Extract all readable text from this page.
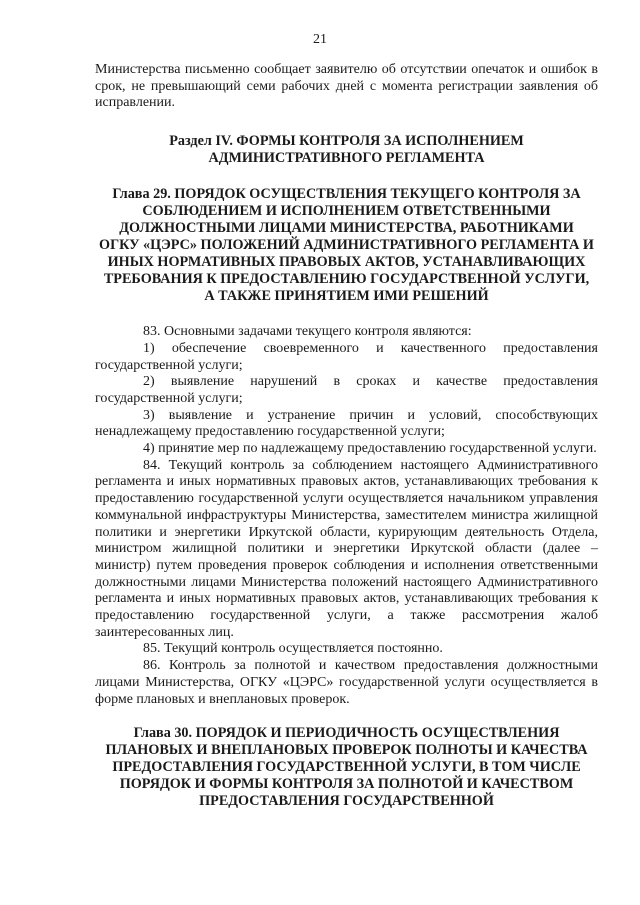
21

Министерства письменно сообщает заявителю об отсутствии опечаток и ошибок в срок, не превышающий семи рабочих дней с момента регистрации заявления об исправлении.

Раздел IV. ФОРМЫ КОНТРОЛЯ ЗА ИСПОЛНЕНИЕМ АДМИНИСТРАТИВНОГО РЕГЛАМЕНТА
Глава 29. ПОРЯДОК ОСУЩЕСТВЛЕНИЯ ТЕКУЩЕГО КОНТРОЛЯ ЗА СОБЛЮДЕНИЕМ И ИСПОЛНЕНИЕМ ОТВЕТСТВЕННЫМИ ДОЛЖНОСТНЫМИ ЛИЦАМИ МИНИСТЕРСТВА, РАБОТНИКАМИ ОГКУ «ЦЭРС» ПОЛОЖЕНИЙ АДМИНИСТРАТИВНОГО РЕГЛАМЕНТА И ИНЫХ НОРМАТИВНЫХ ПРАВОВЫХ АКТОВ, УСТАНАВЛИВАЮЩИХ ТРЕБОВАНИЯ К ПРЕДОСТАВЛЕНИЮ ГОСУДАРСТВЕННОЙ УСЛУГИ, А ТАКЖЕ ПРИНЯТИЕМ ИМИ РЕШЕНИЙ

83. Основными задачами текущего контроля являются:

1) обеспечение своевременного и качественного предоставления государственной услуги;

2) выявление нарушений в сроках и качестве предоставления государственной услуги;

3) выявление и устранение причин и условий, способствующих ненадлежащему предоставлению государственной услуги;

4) принятие мер по надлежащему предоставлению государственной услуги.

84. Текущий контроль за соблюдением настоящего Административного регламента и иных нормативных правовых актов, устанавливающих требования к предоставлению государственной услуги осуществляется начальником управления коммунальной инфраструктуры Министерства, заместителем министра жилищной политики и энергетики Иркутской области, курирующим деятельность Отдела, министром жилищной политики и энергетики Иркутской области (далее – министр) путем проведения проверок соблюдения и исполнения ответственными должностными лицами Министерства положений настоящего Административного регламента и иных нормативных правовых актов, устанавливающих требования к предоставлению государственной услуги, а также рассмотрения жалоб заинтересованных лиц.

85. Текущий контроль осуществляется постоянно.

86. Контроль за полнотой и качеством предоставления должностными лицами Министерства, ОГКУ «ЦЭРС» государственной услуги осуществляется в форме плановых и внеплановых проверок.

Глава 30. ПОРЯДОК И ПЕРИОДИЧНОСТЬ ОСУЩЕСТВЛЕНИЯ ПЛАНОВЫХ И ВНЕПЛАНОВЫХ ПРОВЕРОК ПОЛНОТЫ И КАЧЕСТВА ПРЕДОСТАВЛЕНИЯ ГОСУДАРСТВЕННОЙ УСЛУГИ, В ТОМ ЧИСЛЕ ПОРЯДОК И ФОРМЫ КОНТРОЛЯ ЗА ПОЛНОТОЙ И КАЧЕСТВОМ ПРЕДОСТАВЛЕНИЯ ГОСУДАРСТВЕННОЙ
